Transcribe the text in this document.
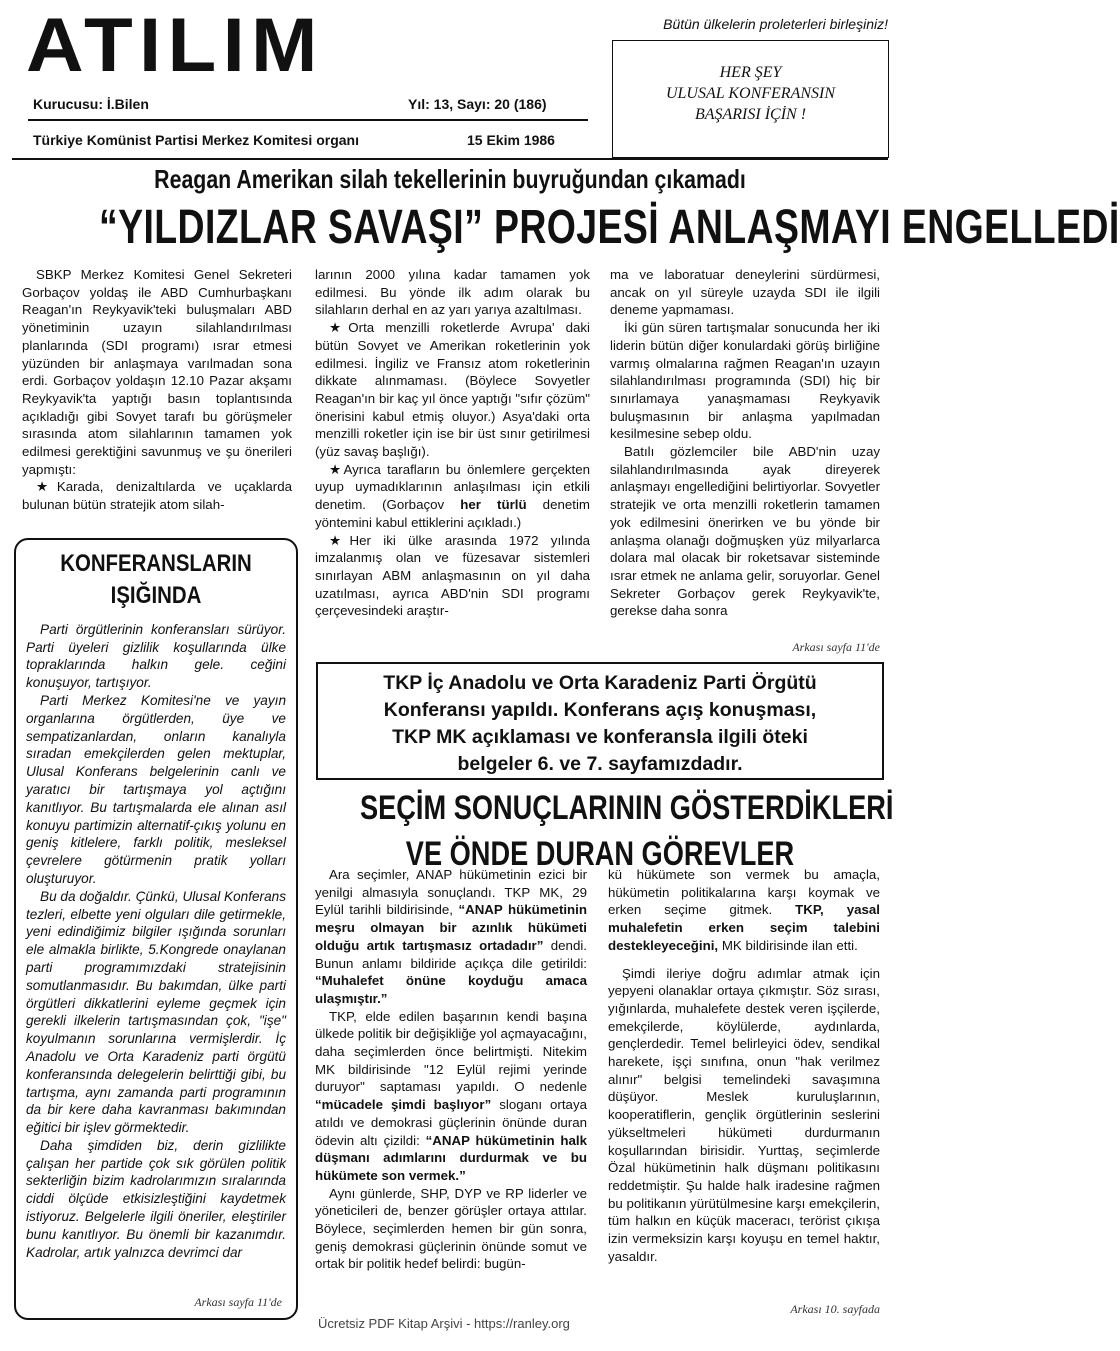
ATILIM
Kurucusu: İ.Bilen	Yıl: 13, Sayı: 20 (186)
Türkiye Komünist Partisi Merkez Komitesi organı	15 Ekim 1986
Bütün ülkelerin proleterleri birleşiniz!
HER ŞEY
ULUSAL KONFERANSIN
BAŞARISI İÇİN !
Reagan Amerikan silah tekellerinin buyruğundan çıkamadı
“YILDIZLAR SAVAŞI” PROJESİ ANLAŞMAYI ENGELLEDİ

SBKP Merkez Komitesi Genel Sekreteri Gorbaçov yoldaş ile ABD Cumhurbaşkanı Reagan'ın Reykyavik'teki buluşmaları ABD yönetiminin uzayın silahlandırılması planlarında (SDI programı) ısrar etmesi yüzünden bir anlaşmaya varılmadan sona erdi. Gorbaçov yoldaşın 12.10 Pazar akşamı Reykyavik'ta yaptığı basın toplantısında açıkladığı gibi Sovyet tarafı bu görüşmeler sırasında atom silahlarının tamamen yok edilmesi gerektiğini savunmuş ve şu önerileri yapmıştı:

★Karada, denizaltılarda ve uçaklarda bulunan bütün stratejik atom silah-

larının 2000 yılına kadar tamamen yok edilmesi. Bu yönde ilk adım olarak bu silahların derhal en az yarı yarıya azaltılması.

★Orta menzilli roketlerde Avrupa' daki bütün Sovyet ve Amerikan roketlerinin yok edilmesi. İngiliz ve Fransız atom roketlerinin dikkate alınmaması. (Böylece Sovyetler Reagan'ın bir kaç yıl önce yaptığı "sıfır çözüm" önerisini kabul etmiş oluyor.) Asya'daki orta menzilli roketler için ise bir üst sınır getirilmesi (yüz savaş başlığı).

★Ayrıca tarafların bu önlemlere gerçekten uyup uymadıklarının anlaşılması için etkili denetim. (Gorbaçov her türlü denetim yöntemini kabul ettiklerini açıkladı.)

★Her iki ülke arasında 1972 yılında imzalanmış olan ve füzesavar sistemleri sınırlayan ABM anlaşmasının on yıl daha uzatılması, ayrıca ABD'nin SDI programı çerçevesindeki araştır-

ma ve laboratuar deneylerini sürdürmesi, ancak on yıl süreyle uzayda SDI ile ilgili deneme yapmaması.

İki gün süren tartışmalar sonucunda her iki liderin bütün diğer konulardaki görüş birliğine varmış olmalarına rağmen Reagan'ın uzayın silahlandırılması programında (SDI) hiç bir sınırlamaya yanaşmaması Reykyavik buluşmasının bir anlaşma yapılmadan kesilmesine sebep oldu.

Batılı gözlemciler bile ABD'nin uzay silahlandırılmasında ayak direyerek anlaşmayı engellediğini belirtiyorlar. Sovyetler stratejik ve orta menzilli roketlerin tamamen yok edilmesini önerirken ve bu yönde bir anlaşma olanağı doğmuşken yüz milyarlarca dolara mal olacak bir roketsavar sisteminde ısrar etmek ne anlama gelir, soruyorlar. Genel Sekreter Gorbaçov gerek Reykyavik'te, gerekse daha sonra

Arkası sayfa 11'de
KONFERANSLARIN
IŞIĞINDA

Parti örgütlerinin konferansları sürüyor. Parti üyeleri gizlilik koşullarında ülke topraklarında halkın gele. ceğini konuşuyor, tartışıyor.

Parti Merkez Komitesi'ne ve yayın organlarına örgütlerden, üye ve sempatizanlardan, onların kanalıyla sıradan emekçilerden gelen mektuplar, Ulusal Konferans belgelerinin canlı ve yaratıcı bir tartışmaya yol açtığını kanıtlıyor. Bu tartışmalarda ele alınan asıl konuyu partimizin alternatif-çıkış yolunu en geniş kitlelere, farklı politik, mesleksel çevrelere götürmenin pratik yolları oluşturuyor.

Bu da doğaldır. Çünkü, Ulusal Konferans tezleri, elbette yeni olguları dile getirmekle, yeni edindiğimiz bilgiler ışığında sorunları ele almakla birlikte, 5.Kongrede onaylanan parti programımızdaki stratejisinin somutlanmasıdır. Bu bakımdan, ülke parti örgütleri dikkatlerini eyleme geçmek için gerekli ilkelerin tartışmasından çok, "işe" koyulmanın sorunlarına vermişlerdir. İç Anadolu ve Orta Karadeniz parti örgütü konferansında delegelerin belirttiği gibi, bu tartışma, aynı zamanda parti programının da bir kere daha kavranması bakımından eğitici bir işlev görmektedir.

Daha şimdiden biz, derin gizlilikte çalışan her partide çok sık görülen politik sekterliğin bizim kadrolarımızın sıralarında ciddi ölçüde etkisizleştiğini kaydetmek istiyoruz. Belgelerle ilgili öneriler, eleştiriler bunu kanıtlıyor. Bu önemli bir kazanımdır. Kadrolar, artık yalnızca devrimci dar

Arkası sayfa 11'de
TKP İç Anadolu ve Orta Karadeniz Parti Örgütü
Konferansı yapıldı. Konferans açış konuşması,
TKP MK açıklaması ve konferansla ilgili öteki
belgeler 6. ve 7. sayfamızdadır.
SEÇİM SONUÇLARININ GÖSTERDİKLERİ
VE ÖNDE DURAN GÖREVLER

Ara seçimler, ANAP hükümetinin ezici bir yenilgi almasıyla sonuçlandı. TKP MK, 29 Eylül tarihli bildirisinde, “ANAP hükümetinin meşru olmayan bir azınlık hükümeti olduğu artık tartışmasız ortadadır” dendi. Bunun anlamı bildiride açıkça dile getirildi: “Muhalefet önüne koyduğu amaca ulaşmıştır.”

TKP, elde edilen başarının kendi başına ülkede politik bir değişikliğe yol açmayacağını, daha seçimlerden önce belirtmişti. Nitekim MK bildirisinde "12 Eylül rejimi yerinde duruyor" saptaması yapıldı. O nedenle “mücadele şimdi başlıyor” sloganı ortaya atıldı ve demokrasi güçlerinin önünde duran ödevin altı çizildi: “ANAP hükümetinin halk düşmanı adımlarını durdurmak ve bu hükümete son vermek.”

Aynı günlerde, SHP, DYP ve RP liderler ve yöneticileri de, benzer görüşler ortaya attılar. Böylece, seçimlerden hemen bir gün sonra, geniş demokrasi güçlerinin önünde somut ve ortak bir politik hedef belirdi: bugün-

kü hükümete son vermek bu amaçla, hükümetin politikalarına karşı koymak ve erken seçime gitmek. TKP, yasal muhalefetin erken seçim talebini destekleyeceğini, MK bildirisinde ilan etti.

Şimdi ileriye doğru adımlar atmak için yepyeni olanaklar ortaya çıkmıştır. Söz sırası, yığınlarda, muhalefete destek veren işçilerde, emekçilerde, köylülerde, aydınlarda, gençlerdedir. Temel belirleyici ödev, sendikal harekete, işçi sınıfına, onun "hak verilmez alınır" belgisi temelindeki savaşımına düşüyor. Meslek kuruluşlarının, kooperatiflerin, gençlik örgütlerinin seslerini yükseltmeleri hükümeti durdurmanın koşullarından birisidir. Yurttaş, seçimlerde Özal hükümetinin halk düşmanı politikasını reddetmiştir. Şu halde halk iradesine rağmen bu politikanın yürütülmesine karşı emekçilerin, tüm halkın en küçük maceracı, terörist çıkışa izin vermeksizin karşı koyuşu en temel haktır, yasaldır.

Arkası 10. sayfada
Ücretsiz PDF Kitap Arşivi - https://ranley.org
